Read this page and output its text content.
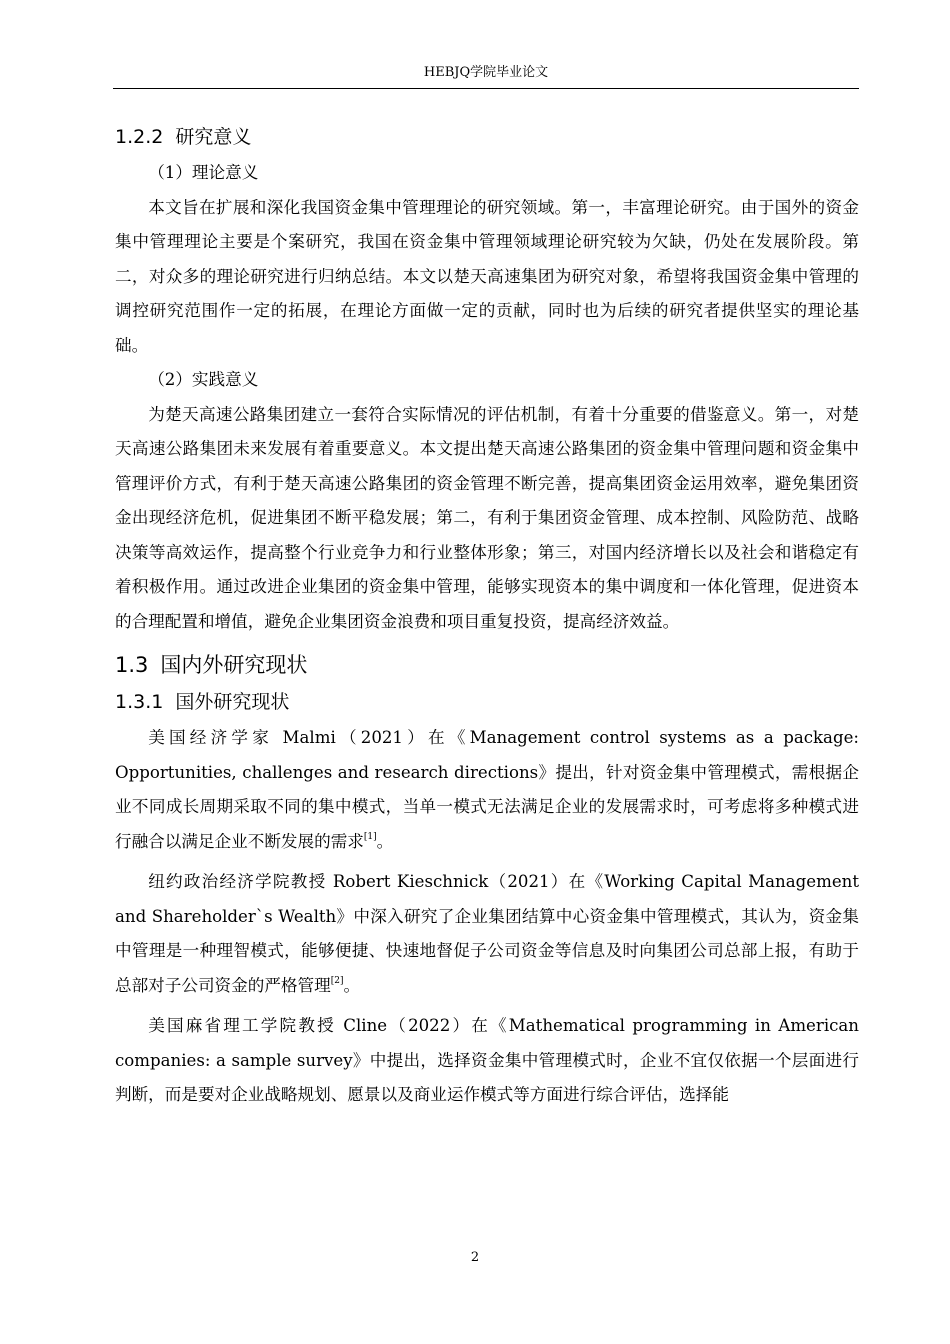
HEBJQ学院毕业论文
1.2.2 研究意义

（1）理论意义

本文旨在扩展和深化我国资金集中管理理论的研究领域。第一，丰富理论研究。由于国外的资金集中管理理论主要是个案研究，我国在资金集中管理领域理论研究较为欠缺，仍处在发展阶段。第二，对众多的理论研究进行归纳总结。本文以楚天高速集团为研究对象，希望将我国资金集中管理的调控研究范围作一定的拓展，在理论方面做一定的贡献，同时也为后续的研究者提供坚实的理论基础。

（2）实践意义

为楚天高速公路集团建立一套符合实际情况的评估机制，有着十分重要的借鉴意义。第一，对楚天高速公路集团未来发展有着重要意义。本文提出楚天高速公路集团的资金集中管理问题和资金集中管理评价方式，有利于楚天高速公路集团的资金管理不断完善，提高集团资金运用效率，避免集团资金出现经济危机，促进集团不断平稳发展；第二，有利于集团资金管理、成本控制、风险防范、战略决策等高效运作，提高整个行业竞争力和行业整体形象；第三，对国内经济增长以及社会和谐稳定有着积极作用。通过改进企业集团的资金集中管理，能够实现资本的集中调度和一体化管理，促进资本的合理配置和增值，避免企业集团资金浪费和项目重复投资，提高经济效益。

1.3 国内外研究现状
1.3.1 国外研究现状

美国经济学家 Malmi（2021）在《Management control systems as a package: Opportunities, challenges and research directions》提出，针对资金集中管理模式，需根据企业不同成长周期采取不同的集中模式，当单一模式无法满足企业的发展需求时，可考虑将多种模式进行融合以满足企业不断发展的需求[1]。

纽约政治经济学院教授 Robert Kieschnick（2021）在《Working Capital Management and Shareholder`s Wealth》中深入研究了企业集团结算中心资金集中管理模式，其认为，资金集中管理是一种理智模式，能够便捷、快速地督促子公司资金等信息及时向集团公司总部上报，有助于总部对子公司资金的严格管理[2]。

美国麻省理工学院教授 Cline（2022）在《Mathematical programming in American companies: a sample survey》中提出，选择资金集中管理模式时，企业不宜仅依据一个层面进行判断，而是要对企业战略规划、愿景以及商业运作模式等方面进行综合评估，选择能

2
